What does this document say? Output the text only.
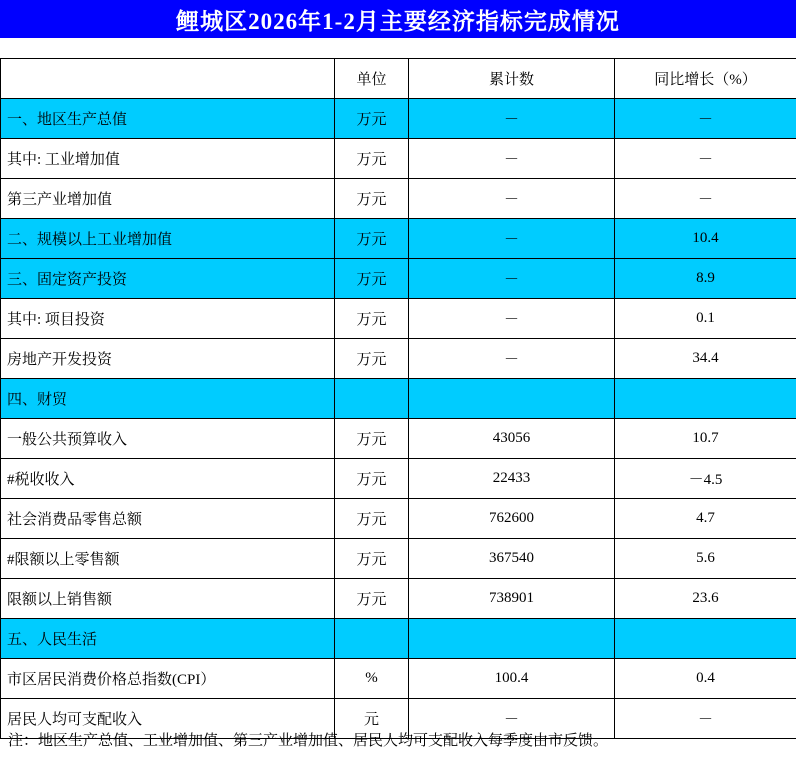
鲤城区2026年1-2月主要经济指标完成情况
	单位	累计数	同比增长（%）
一、地区生产总值	万元	－	－
其中: 工业增加值	万元	－	－
第三产业增加值	万元	－	－
二、规模以上工业增加值	万元	－	10.4
三、固定资产投资	万元	－	8.9
其中: 项目投资	万元	－	0.1
房地产开发投资	万元	－	34.4
四、财贸			
一般公共预算收入	万元	43056	10.7
#税收收入	万元	22433	－4.5
社会消费品零售总额	万元	762600	4.7
#限额以上零售额	万元	367540	5.6
限额以上销售额	万元	738901	23.6
五、人民生活			
市区居民消费价格总指数(CPI）	%	100.4	0.4
居民人均可支配收入	元	－	－
注：地区生产总值、工业增加值、第三产业增加值、居民人均可支配收入每季度由市反馈。
